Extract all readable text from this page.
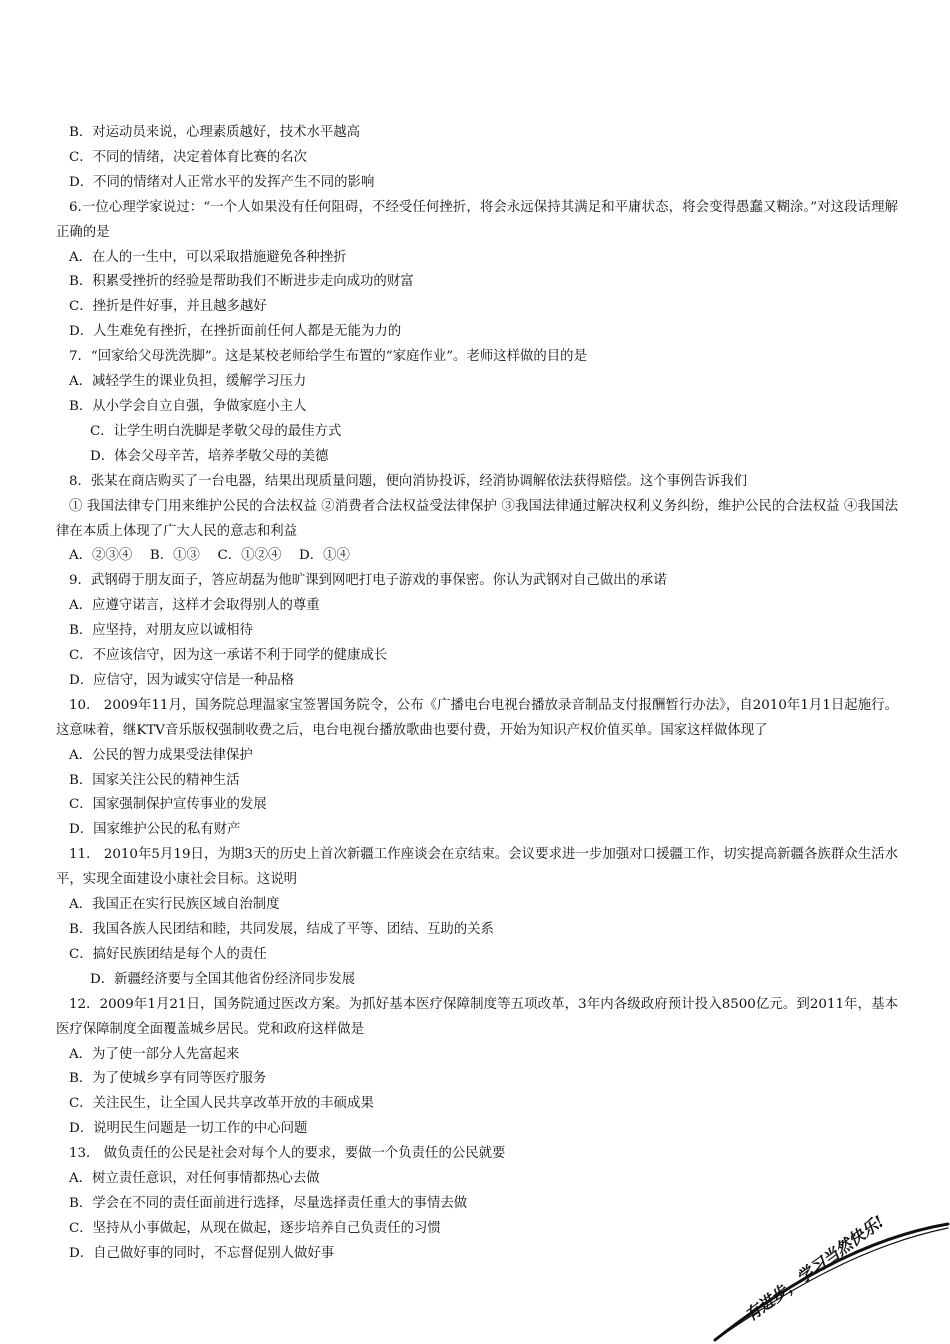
B．对运动员来说，心理素质越好，技术水平越高
C．不同的情绪，决定着体育比赛的名次
D．不同的情绪对人正常水平的发挥产生不同的影响
6.一位心理学家说过：“一个人如果没有任何阻碍，不经受任何挫折，将会永远保持其满足和平庸状态，将会变得愚蠢又糊涂。”对这段话理解正确的是
A．在人的一生中，可以采取措施避免各种挫折
B．积累受挫折的经验是帮助我们不断进步走向成功的财富
C．挫折是件好事，并且越多越好
D．人生难免有挫折，在挫折面前任何人都是无能为力的
7．“回家给父母洗洗脚”。这是某校老师给学生布置的“家庭作业”。老师这样做的目的是
A．减轻学生的课业负担，缓解学习压力
B．从小学会自立自强，争做家庭小主人
C．让学生明白洗脚是孝敬父母的最佳方式
D．体会父母辛苦，培养孝敬父母的美德
8．张某在商店购买了一台电器，结果出现质量问题，便向消协投诉，经消协调解依法获得赔偿。这个事例告诉我们
① 我国法律专门用来维护公民的合法权益 ②消费者合法权益受法律保护 ③我国法律通过解决权利义务纠纷，维护公民的合法权益 ④我国法律在本质上体现了广大人民的意志和利益
A．②③④　 B．①③　 C．①②④　 D．①④
9．武钢碍于朋友面子，答应胡磊为他旷课到网吧打电子游戏的事保密。你认为武钢对自己做出的承诺
A．应遵守诺言，这样才会取得别人的尊重
B．应坚持，对朋友应以诚相待
C．不应该信守，因为这一承诺不利于同学的健康成长
D．应信守，因为诚实守信是一种品格
10． 2009年11月，国务院总理温家宝签署国务院令，公布《广播电台电视台播放录音制品支付报酬暂行办法》，自2010年1月1日起施行。这意味着，继KTV音乐版权强制收费之后，电台电视台播放歌曲也要付费，开始为知识产权价值买单。国家这样做体现了
A．公民的智力成果受法律保护
B．国家关注公民的精神生活
C．国家强制保护宣传事业的发展
D．国家维护公民的私有财产
11． 2010年5月19日，为期3天的历史上首次新疆工作座谈会在京结束。会议要求进一步加强对口援疆工作，切实提高新疆各族群众生活水平，实现全面建设小康社会目标。这说明
A．我国正在实行民族区域自治制度
B．我国各族人民团结和睦，共同发展，结成了平等、团结、互助的关系
C．搞好民族团结是每个人的责任
D．新疆经济要与全国其他省份经济同步发展
12．2009年1月21日，国务院通过医改方案。为抓好基本医疗保障制度等五项改革，3年内各级政府预计投入8500亿元。到2011年，基本医疗保障制度全面覆盖城乡居民。党和政府这样做是
A．为了使一部分人先富起来
B．为了使城乡享有同等医疗服务
C．关注民生，让全国人民共享改革开放的丰硕成果
D．说明民生问题是一切工作的中心问题
13． 做负责任的公民是社会对每个人的要求，要做一个负责任的公民就要
A．树立责任意识，对任何事情都热心去做
B．学会在不同的责任面前进行选择，尽量选择责任重大的事情去做
C．坚持从小事做起，从现在做起，逐步培养自己负责任的习惯
D．自己做好事的同时，不忘督促别人做好事	有进步，学习当然快乐!
